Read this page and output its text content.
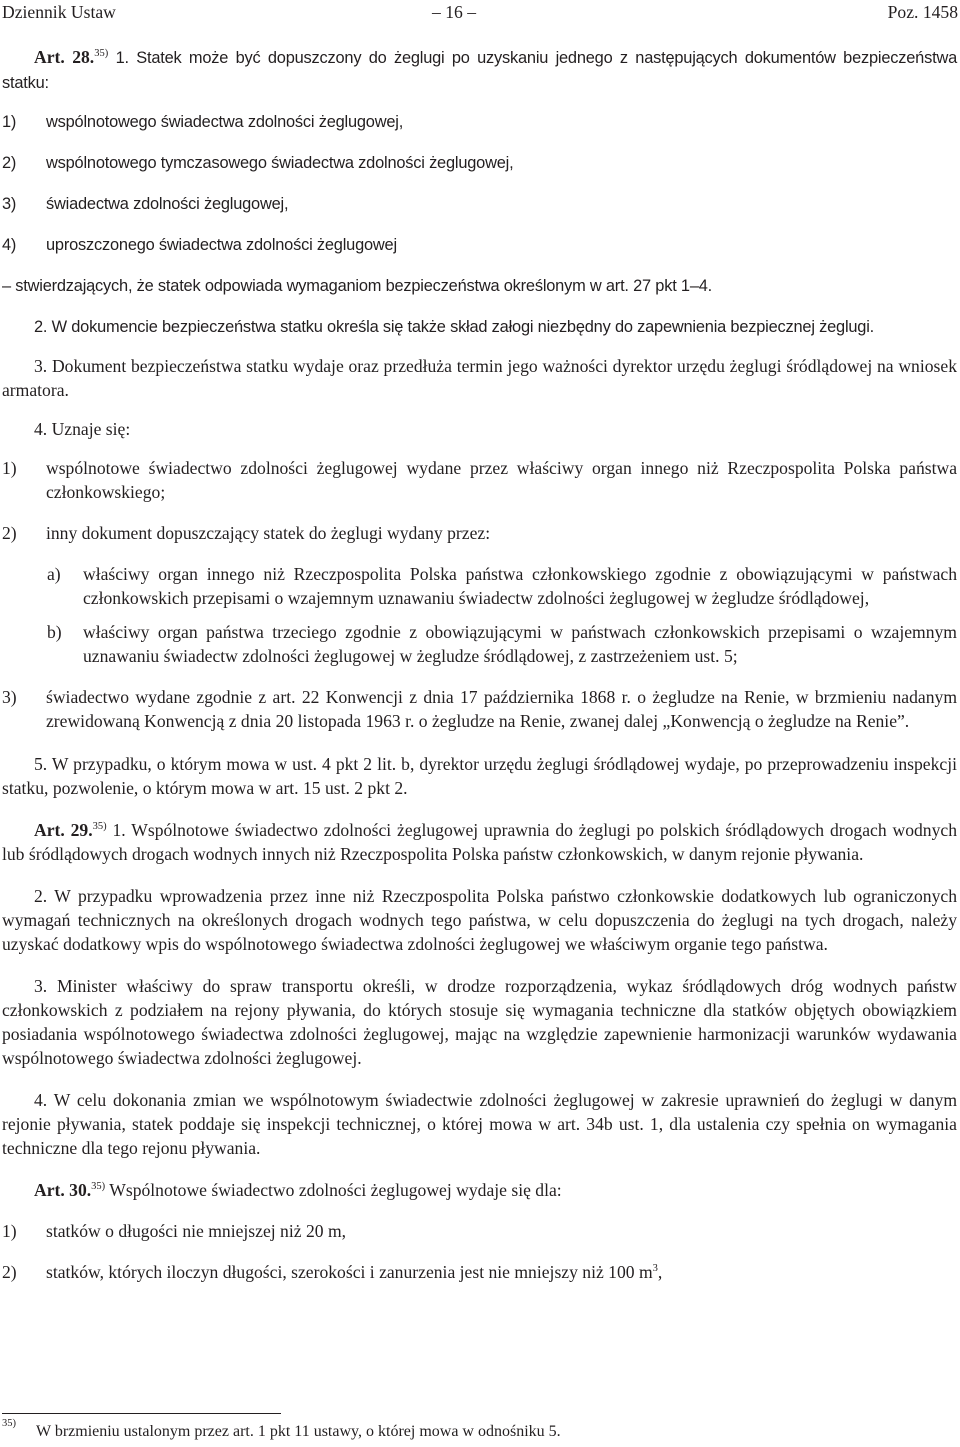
Dziennik Ustaw	– 16 –	Poz. 1458

Art. 28.$^{35)}$ 1. Statek może być dopuszczony do żeglugi po uzyskaniu jednego z następujących dokumentów bezpieczeństwa statku:

1) wspólnotowego świadectwa zdolności żeglugowej,
2) wspólnotowego tymczasowego świadectwa zdolności żeglugowej,
3) świadectwa zdolności żeglugowej,
4) uproszczonego świadectwa zdolności żeglugowej

– stwierdzających, że statek odpowiada wymaganiom bezpieczeństwa określonym w art. 27 pkt 1–4.

2. W dokumencie bezpieczeństwa statku określa się także skład załogi niezbędny do zapewnienia bezpiecznej żeglugi.

3. Dokument bezpieczeństwa statku wydaje oraz przedłuża termin jego ważności dyrektor urzędu żeglugi śródlądowej na wniosek armatora.

4. Uznaje się:

1) wspólnotowe świadectwo zdolności żeglugowej wydane przez właściwy organ innego niż Rzeczpospolita Polska państwa członkowskiego;
2) inny dokument dopuszczający statek do żeglugi wydany przez:
a) właściwy organ innego niż Rzeczpospolita Polska państwa członkowskiego zgodnie z obowiązującymi w państwach członkowskich przepisami o wzajemnym uznawaniu świadectw zdolności żeglugowej w żegludze śródlądowej,
b) właściwy organ państwa trzeciego zgodnie z obowiązującymi w państwach członkowskich przepisami o wzajemnym uznawaniu świadectw zdolności żeglugowej w żegludze śródlądowej, z zastrzeżeniem ust. 5;
3) świadectwo wydane zgodnie z art. 22 Konwencji z dnia 17 października 1868 r. o żegludze na Renie, w brzmieniu nadanym zrewidowaną Konwencją z dnia 20 listopada 1963 r. o żegludze na Renie, zwanej dalej „Konwencją o żegludze na Renie”.

5. W przypadku, o którym mowa w ust. 4 pkt 2 lit. b, dyrektor urzędu żeglugi śródlądowej wydaje, po przeprowadzeniu inspekcji statku, pozwolenie, o którym mowa w art. 15 ust. 2 pkt 2.

Art. 29.$^{35)}$ 1. Wspólnotowe świadectwo zdolności żeglugowej uprawnia do żeglugi po polskich śródlądowych drogach wodnych lub śródlądowych drogach wodnych innych niż Rzeczpospolita Polska państw członkowskich, w danym rejonie pływania.

2. W przypadku wprowadzenia przez inne niż Rzeczpospolita Polska państwo członkowskie dodatkowych lub ograniczonych wymagań technicznych na określonych drogach wodnych tego państwa, w celu dopuszczenia do żeglugi na tych drogach, należy uzyskać dodatkowy wpis do wspólnotowego świadectwa zdolności żeglugowej we właściwym organie tego państwa.

3. Minister właściwy do spraw transportu określi, w drodze rozporządzenia, wykaz śródlądowych dróg wodnych państw członkowskich z podziałem na rejony pływania, do których stosuje się wymagania techniczne dla statków objętych obowiązkiem posiadania wspólnotowego świadectwa zdolności żeglugowej, mając na względzie zapewnienie harmonizacji warunków wydawania wspólnotowego świadectwa zdolności żeglugowej.

4. W celu dokonania zmian we wspólnotowym świadectwie zdolności żeglugowej w zakresie uprawnień do żeglugi w danym rejonie pływania, statek poddaje się inspekcji technicznej, o której mowa w art. 34b ust. 1, dla ustalenia czy spełnia on wymagania techniczne dla tego rejonu pływania.

Art. 30.$^{35)}$ Wspólnotowe świadectwo zdolności żeglugowej wydaje się dla:

1) statków o długości nie mniejszej niż 20 m,
2) statków, których iloczyn długości, szerokości i zanurzenia jest nie mniejszy niż 100 $m^3$,
35) W brzmieniu ustalonym przez art. 1 pkt 11 ustawy, o której mowa w odnośniku 5.
